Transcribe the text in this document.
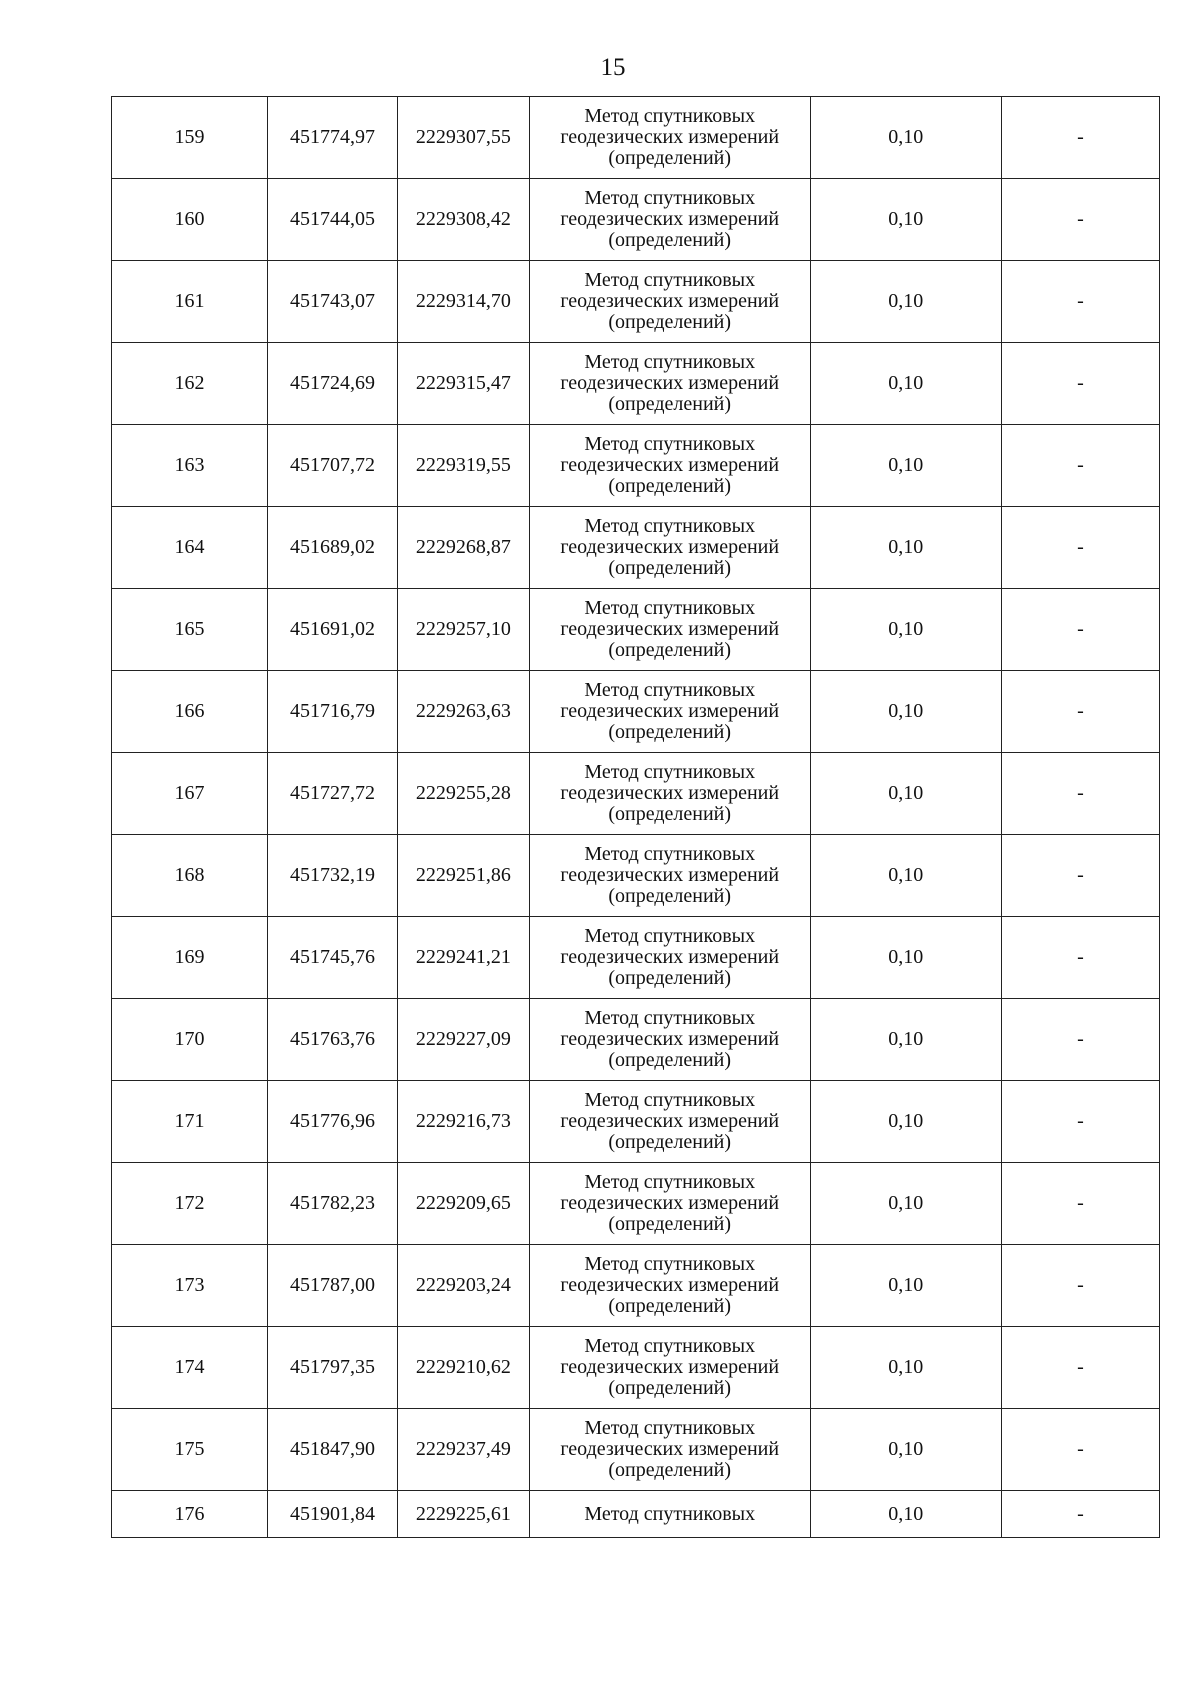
15
159	451774,97	2229307,55	Метод спутниковых
геодезических измерений
(определений)	0,10	-
160	451744,05	2229308,42	Метод спутниковых
геодезических измерений
(определений)	0,10	-
161	451743,07	2229314,70	Метод спутниковых
геодезических измерений
(определений)	0,10	-
162	451724,69	2229315,47	Метод спутниковых
геодезических измерений
(определений)	0,10	-
163	451707,72	2229319,55	Метод спутниковых
геодезических измерений
(определений)	0,10	-
164	451689,02	2229268,87	Метод спутниковых
геодезических измерений
(определений)	0,10	-
165	451691,02	2229257,10	Метод спутниковых
геодезических измерений
(определений)	0,10	-
166	451716,79	2229263,63	Метод спутниковых
геодезических измерений
(определений)	0,10	-
167	451727,72	2229255,28	Метод спутниковых
геодезических измерений
(определений)	0,10	-
168	451732,19	2229251,86	Метод спутниковых
геодезических измерений
(определений)	0,10	-
169	451745,76	2229241,21	Метод спутниковых
геодезических измерений
(определений)	0,10	-
170	451763,76	2229227,09	Метод спутниковых
геодезических измерений
(определений)	0,10	-
171	451776,96	2229216,73	Метод спутниковых
геодезических измерений
(определений)	0,10	-
172	451782,23	2229209,65	Метод спутниковых
геодезических измерений
(определений)	0,10	-
173	451787,00	2229203,24	Метод спутниковых
геодезических измерений
(определений)	0,10	-
174	451797,35	2229210,62	Метод спутниковых
геодезических измерений
(определений)	0,10	-
175	451847,90	2229237,49	Метод спутниковых
геодезических измерений
(определений)	0,10	-
176	451901,84	2229225,61	Метод спутниковых	0,10	-
